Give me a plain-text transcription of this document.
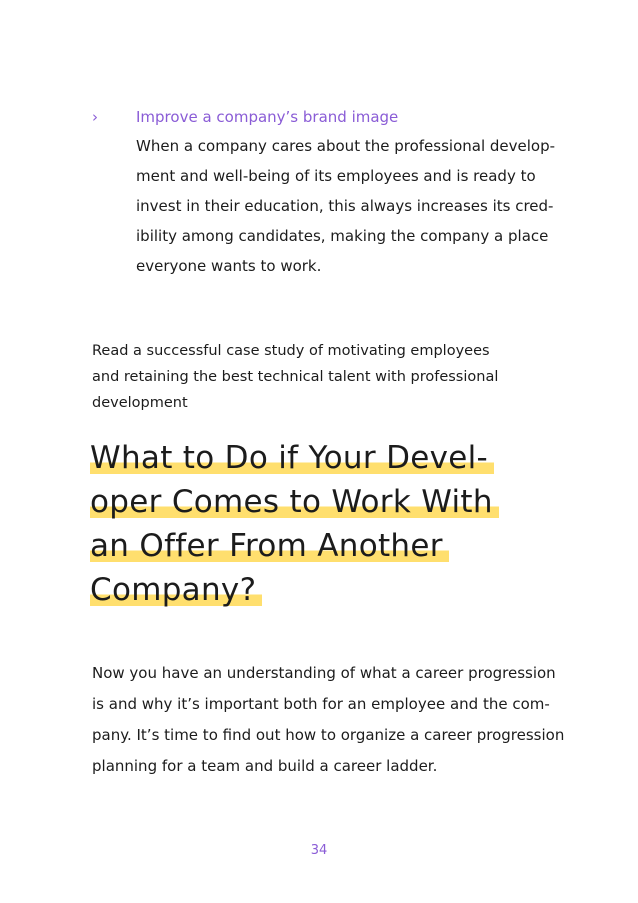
›	Improve a company’s brand image
When a company cares about the professional develop-
ment and well-being of its employees and is ready to
invest in their education, this always increases its cred-
ibility among candidates, making the company a place
everyone wants to work.
Read a successful case study of motivating employees
and retaining the best technical talent with professional
development
What to Do if Your Devel-
oper Comes to Work With
an Offer From Another
Company?
Now you have an understanding of what a career progression
is and why it’s important both for an employee and the com-
pany. It’s time to find out how to organize a career progression
planning for a team and build a career ladder.
34
